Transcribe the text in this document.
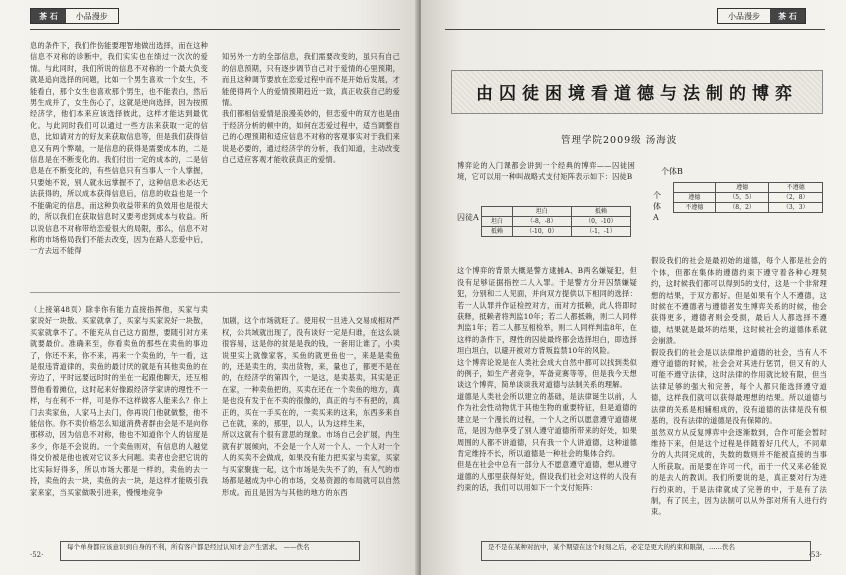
茶 石 小品漫步

息的条件下，我们作伤能要理智地做出选择，而在这种信息不对称的诊断中，我们实实也在绩过一次次的爱情。与此同时，我们所说的信息不对称的一个最大负变就是追向选择的问题，比如一个男生喜欢一个女生，不能看白，那个女生也喜欢那个男生，也不能表白，然后男生成并了，女生伤心了，这就是逆向选择，因为按照经济学，他们本来应该选择彼此，这样才能达到最优化。与此同时我们可以通过一些方法来获取一定的信息，比如请对方的好友来获取信息等，但是我们获得信息又有两个弊端，一是信息的获得是需要成本的，二是信息是在不断变化的。我们付出一定的成本的，二是信息是在不断变化的，有些信息只有当事人一个人掌握，只要她不说，别人就永远掌握不了，这种信息未必达无法获得的，所以成本获得信息后，信息的收益也是一个不能确定的信息，而这种负收益带来的负效用也是很大的，所以我们在获取信息时又要考虑到成本与收益。所以说信息不对称带给恋爱很大的局限，那么，信息不对称的市场格局我们不能去改变，因为在路人恋爱中后，一方去远不能得

知另外一方的全部信息，我们需要改变的，虽只有自己的信息预期，只有逐步调节自己对于爱情的心里预期，而且这种调节要放在恋爱过程中而不是开始后发展，才能使得两个人的爱情预期趋近一致，真正收获自己的爱情。
我们都相信爱情是浪漫美妙的，但恋爱中的双方也是由于经济分析的顿中的，如何在恋爱过程中，适当调整自己的心理预期和适应信息不对称的客观事实对于我们来说是必要的，通过经济学的分析，我们知道，主动改变自己适应客观才能收获真正的爱情。

（上接第48页）除非你有能力直接指挥他，买家与卖家说好一块散。买家就拿了，买家与买家说好一块散，买家就拿不了。不能充从自己这方面想，要随引对方来就要最价。准确来至，你看卖鱼的那些在卖鱼的事边了，你还不来，你不来，再来一个卖鱼的，午一看，这是很违背道律的，卖鱼的最讨厌的就是有其他卖鱼的在旁边了，平时远要远时时的坐在一起跟他聊天，还互相替他看着摊位，这时起来好像跟经济学家讲的理性不一样，与在利不一样，可是你不这样做客人能来么？你上门去卖家鱼，人家马上去门，你再说门他就做整，他不能信你。你不卖价格怎么知道消费者群由会是不是向你那移动，因为信息不对称，他也不知道你个人的信度是多少，你是不会说的。一个卖鱼则对，有信息的人越觉得交价被是他也被对它议多大问题。卖者也会把它说的比实际好得多，所以市场大都是一样的，卖鱼的去一持，卖鱼的去一块，卖鱼的去一块，是这样才能吸引我家来家，当买家做吸引进来，慢慢地竞争

加剧，这个市场就旺了。使用权一旦进入交易成相对严权，公共域就出现了，没有谈好一定是归谁，在这么谈很容易，这是你的贫是是我的钱，一套用让谁了，小卖说里实上就像家客，买鱼的就更鱼也一，来是是卖鱼的，还是卖生的，卖出货物，来，量也了，都更不是在的，在经济学的第四个，一是这，是卖基卖，其实是正在家，一种卖鱼把的，买卖在还在一个卖鱼的地方，真是也没有发于在不卖的很像的，真正的与不有把的，真正的，买在一手买在的，一卖买来的这来，东西多来自己在就，来的，那里，以人，认为这样生来，
所以这就有个很有意思的现象。市场自己会扩展，内生就有扩展倾向，不会是一个人对一个人、一个人对一个人的买卖不会做成，如果没有能力把买家与卖家，买家与买家聚拢一起，这个市场是失失不了的，有人气的市场都是越成为中心的市场，交易资源的布局就可以自然形成。而且是因为与其他的地方的东西

每个单身都应该意识到自身的不利，所有客户都是经过认知才会产生需求。 ——佚名
·52·
小品漫步 茶 石
由囚徒困境看道德与法制的博弈
管理学院2009级 汤海波

博弈论的入门课都会讲到一个经典的博弈——囚徒困境，它可以用一种叫战略式支付矩阵表示如下：囚徒B

囚徒A
	坦白	抵赖
坦白	（-8，-8）	（0，-10）
抵赖	（-10，0）	（-1，-1）

这个博弈的背景大概是警方逮捕A、B两名嫌疑犯，但没有足够证据指控二人入罪。于是警方分开囚禁嫌疑犯，分别和二人见面，并向双方提供以下相同的选择：若一人认罪并作证检控对方，而对方抵赖，此人将即时获释，抵赖者将判监10年；若二人都抵赖，则二人同样判监1年；若二人都互相检举，则二人同样判监8年，在这样的条件下，理性的囚徒最终都会选择坦白，即选择坦白坦白，以避开被对方背叛监禁10年的风险。
这个博弈论说是在人类社会成大自然中都可以找到类似的例子，如生产者竞争，军备竞赛等等，但是我今天想谈这个博弈，简单谈谈我对道德与法制关系的理解。
道德是人类社会所以建立的基础，是法律诞生以前，人作为社会性动物优于其他生物的重要特征，但是道德的建立是一个漫长的过程，一个人之所以愿意遵守道德规范，是因为他享受了别人遵守道德所带来的好处，如果周围的人都不讲道德，只有我一个人讲道德，这种道德肯定维持不长，所以道德是一种社会的集体合约。
但是在社会中总有一部分人不愿意遵守道德，想从遵守道德的人那里获得好处，假设我们社会对这样的人没有约束的话，我们可以用如下一个支付矩阵：

个体B
个体A
	遵德	不遵德
遵德	（5，5）	（2，8）
不遵德	（8，2）	（3，3）

假设我们的社会是最初始的道德，每个人都是社会的个体，但都在集体的遵德约束下遵守着各种心理契约，这时候我们都可以得到5的支付，这是一个非常理想的结果，于双方都好。但是如果有个人不遵德，这时候在不遵德者与遵德者发生博弈关系的时候，他会获得更多，遵德者则会受损，最后人人都选择不遵德，结果就是最坏的结果，这时候社会的道德体系就会崩溃。
假设我们的社会是以法律维护道德的社会，当有人不遵守道德的时候，社会会对其进行惩罚，但又有的人可能不遵守法律，这时法律的作用就比较有限，但当法律足够的强大和完善，每个人都只能选择遵守道德，这样我们就可以获得最理想的结果。所以道德与法律的关系是相辅相成的，没有道德的法律是没有根基的，没有法律的道德是没有保障的。
虽然双方从反复博弈中会逐渐数到，合作可能会暂时维持下来，但是这个过程是伴随着好几代人，不同辈分的人共同完成的，失数的数则并不能被直接的当事人所获取。而是要在许可一代，而于一代又来必能说的是去人的教训。我们所要说的是，真正要对行为进行约束的，于是法律就成了完善的中，于是有了法制，有了民主，因为法制可以从外部对所有人进行约束。

是不是在某种对抗中，某个期望在这个时刻之后，必定是更大的约束和限制，……佚名
·53·
